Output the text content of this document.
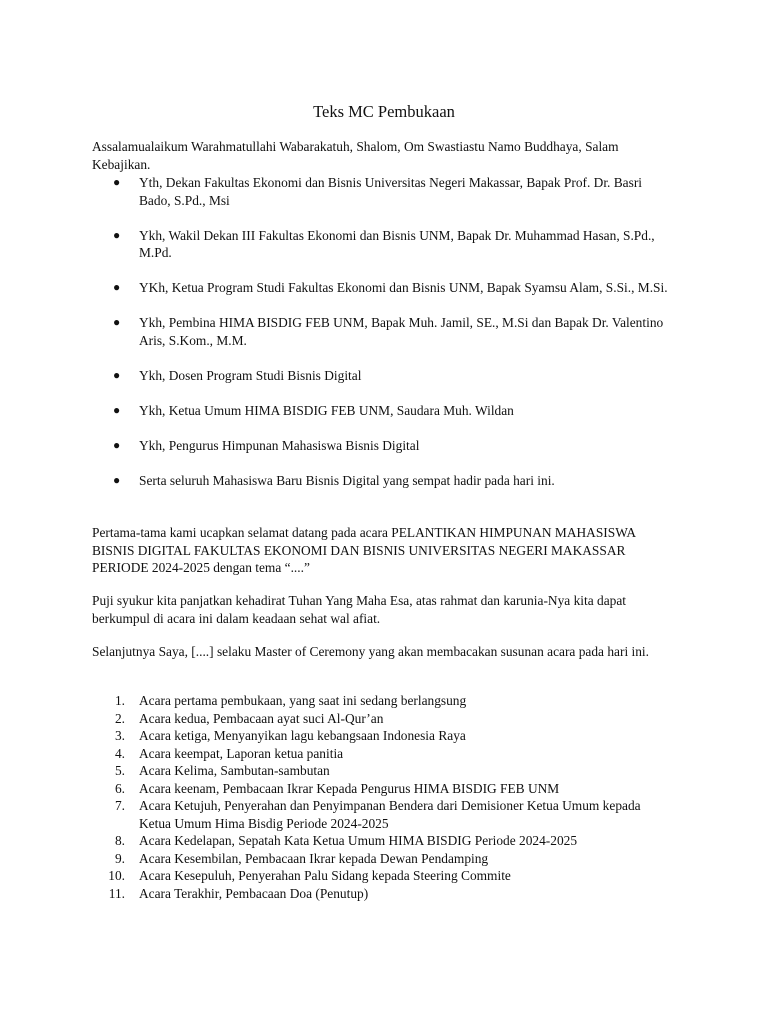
Teks MC Pembukaan
Assalamualaikum Warahmatullahi Wabarakatuh, Shalom, Om Swastiastu Namo Buddhaya, Salam Kebajikan.
● Yth, Dekan Fakultas Ekonomi dan Bisnis Universitas Negeri Makassar, Bapak Prof. Dr. Basri Bado, S.Pd., Msi
● Ykh, Wakil Dekan III Fakultas Ekonomi dan Bisnis UNM, Bapak Dr. Muhammad Hasan, S.Pd., M.Pd.
● YKh, Ketua Program Studi Fakultas Ekonomi dan Bisnis UNM, Bapak Syamsu Alam, S.Si., M.Si.
● Ykh, Pembina HIMA BISDIG FEB UNM, Bapak Muh. Jamil, SE., M.Si dan Bapak Dr. Valentino Aris, S.Kom., M.M.
● Ykh, Dosen Program Studi Bisnis Digital
● Ykh, Ketua Umum HIMA BISDIG FEB UNM, Saudara Muh. Wildan
● Ykh, Pengurus Himpunan Mahasiswa Bisnis Digital
● Serta seluruh Mahasiswa Baru Bisnis Digital yang sempat hadir pada hari ini.
Pertama-tama kami ucapkan selamat datang pada acara PELANTIKAN HIMPUNAN MAHASISWA BISNIS DIGITAL FAKULTAS EKONOMI DAN BISNIS UNIVERSITAS NEGERI MAKASSAR PERIODE 2024-2025 dengan tema “....”
Puji syukur kita panjatkan kehadirat Tuhan Yang Maha Esa, atas rahmat dan karunia-Nya kita dapat berkumpul di acara ini dalam keadaan sehat wal afiat.
Selanjutnya Saya, [....] selaku Master of Ceremony yang akan membacakan susunan acara pada hari ini.
1. Acara pertama pembukaan, yang saat ini sedang berlangsung
2. Acara kedua, Pembacaan ayat suci Al-Qur’an
3. Acara ketiga, Menyanyikan lagu kebangsaan Indonesia Raya
4. Acara keempat, Laporan ketua panitia
5. Acara Kelima, Sambutan-sambutan
6. Acara keenam, Pembacaan Ikrar Kepada Pengurus HIMA BISDIG FEB UNM
7. Acara Ketujuh, Penyerahan dan Penyimpanan Bendera dari Demisioner Ketua Umum kepada Ketua Umum Hima Bisdig Periode 2024-2025
8. Acara Kedelapan, Sepatah Kata Ketua Umum HIMA BISDIG Periode 2024-2025
9. Acara Kesembilan, Pembacaan Ikrar kepada Dewan Pendamping
10. Acara Kesepuluh, Penyerahan Palu Sidang kepada Steering Commite
11. Acara Terakhir, Pembacaan Doa (Penutup)
